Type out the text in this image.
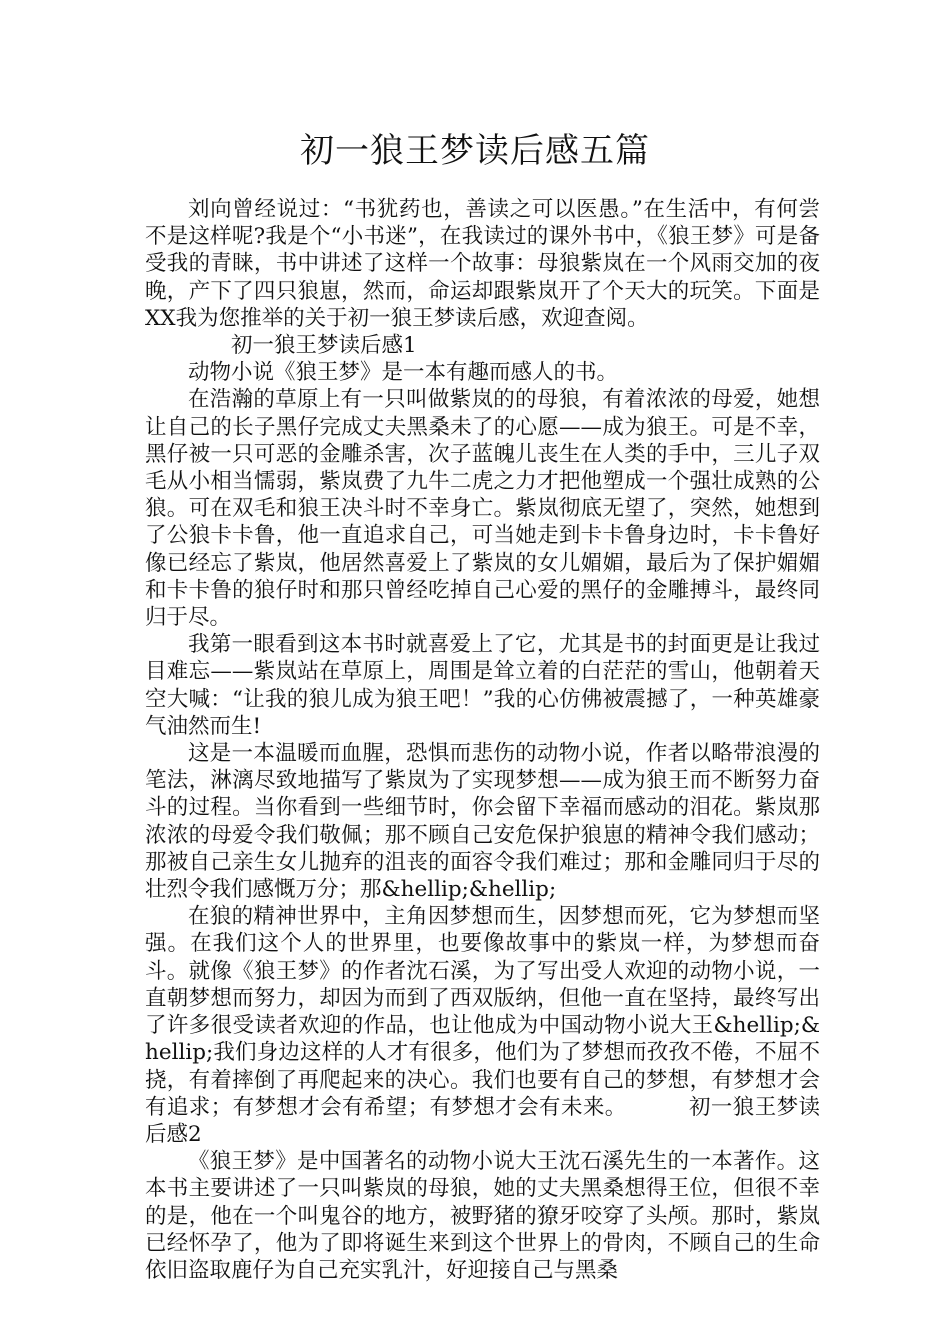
初一狼王梦读后感五篇

刘向曾经说过：“书犹药也，善读之可以医愚。”在生活中，有何尝不是这样呢?我是个“小书迷”，在我读过的课外书中，《狼王梦》可是备受我的青睐，书中讲述了这样一个故事：母狼紫岚在一个风雨交加的夜晚，产下了四只狼崽，然而，命运却跟紫岚开了个天大的玩笑。下面是XX我为您推举的关于初一狼王梦读后感，欢迎查阅。

初一狼王梦读后感1

动物小说《狼王梦》是一本有趣而感人的书。

在浩瀚的草原上有一只叫做紫岚的的母狼，有着浓浓的母爱，她想让自己的长子黑仔完成丈夫黑桑未了的心愿——成为狼王。可是不幸，黑仔被一只可恶的金雕杀害，次子蓝魄儿丧生在人类的手中，三儿子双毛从小相当懦弱，紫岚费了九牛二虎之力才把他塑成一个强壮成熟的公狼。可在双毛和狼王决斗时不幸身亡。紫岚彻底无望了，突然，她想到了公狼卡卡鲁，他一直追求自己，可当她走到卡卡鲁身边时，卡卡鲁好像已经忘了紫岚，他居然喜爱上了紫岚的女儿媚媚，最后为了保护媚媚和卡卡鲁的狼仔时和那只曾经吃掉自己心爱的黑仔的金雕搏斗，最终同归于尽。

我第一眼看到这本书时就喜爱上了它，尤其是书的封面更是让我过目难忘——紫岚站在草原上，周围是耸立着的白茫茫的雪山，他朝着天空大喊：“让我的狼儿成为狼王吧！”我的心仿佛被震撼了，一种英雄豪气油然而生!

这是一本温暖而血腥，恐惧而悲伤的动物小说，作者以略带浪漫的笔法，淋漓尽致地描写了紫岚为了实现梦想——成为狼王而不断努力奋斗的过程。当你看到一些细节时，你会留下幸福而感动的泪花。紫岚那浓浓的母爱令我们敬佩；那不顾自己安危保护狼崽的精神令我们感动；那被自己亲生女儿抛弃的沮丧的面容令我们难过；那和金雕同归于尽的壮烈令我们感慨万分；那&hellip;&hellip;

在狼的精神世界中，主角因梦想而生，因梦想而死，它为梦想而坚强。在我们这个人的世界里，也要像故事中的紫岚一样，为梦想而奋斗。就像《狼王梦》的作者沈石溪，为了写出受人欢迎的动物小说，一直朝梦想而努力，却因为而到了西双版纳，但他一直在坚持，最终写出了许多很受读者欢迎的作品，也让他成为中国动物小说大王&hellip;&hellip;我们身边这样的人才有很多，他们为了梦想而孜孜不倦，不屈不挠，有着摔倒了再爬起来的决心。我们也要有自己的梦想，有梦想才会有追求；有梦想才会有希望；有梦想才会有未来。	初一狼王梦读后感2

《狼王梦》是中国著名的动物小说大王沈石溪先生的一本著作。这本书主要讲述了一只叫紫岚的母狼，她的丈夫黑桑想得王位，但很不幸的是，他在一个叫鬼谷的地方，被野猪的獠牙咬穿了头颅。那时，紫岚已经怀孕了，他为了即将诞生来到这个世界上的骨肉，不顾自己的生命依旧盗取鹿仔为自己充实乳汁，好迎接自己与黑桑
